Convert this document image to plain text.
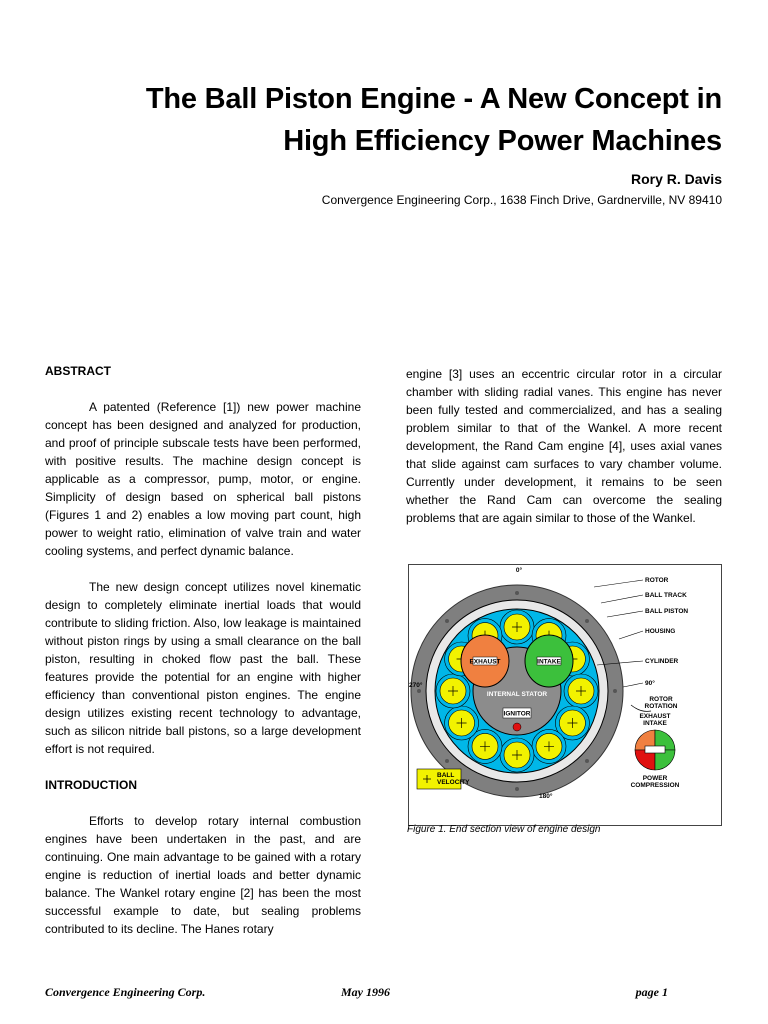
The Ball Piston Engine - A New Concept in
High Efficiency Power Machines
Rory R. Davis
Convergence Engineering Corp., 1638 Finch Drive, Gardnerville, NV 89410

ABSTRACT

A patented (Reference [1]) new power machine concept has been designed and analyzed for production, and proof of principle subscale tests have been performed, with positive results. The machine design concept is applicable as a compressor, pump, motor, or engine. Simplicity of design based on spherical ball pistons (Figures 1 and 2) enables a low moving part count, high power to weight ratio, elimination of valve train and water cooling systems, and perfect dynamic balance.

The new design concept utilizes novel kinematic design to completely eliminate inertial loads that would contribute to sliding friction. Also, low leakage is maintained without piston rings by using a small clearance on the ball piston, resulting in choked flow past the ball. These features provide the potential for an engine with higher efficiency than conventional piston engines. The engine design utilizes existing recent technology to advantage, such as silicon nitride ball pistons, so a large development effort is not required.

INTRODUCTION

Efforts to develop rotary internal combustion engines have been undertaken in the past, and are continuing. One main advantage to be gained with a rotary engine is reduction of inertial loads and better dynamic balance. The Wankel rotary engine [2] has been the most successful example to date, but sealing problems contributed to its decline. The Hanes rotary

engine [3] uses an eccentric circular rotor in a circular chamber with sliding radial vanes. This engine has never been fully tested and commercialized, and has a sealing problem similar to that of the Wankel. A more recent development, the Rand Cam engine [4], uses axial vanes that slide against cam surfaces to vary chamber volume. Currently under development, it remains to be seen whether the Rand Cam can overcome the sealing problems that are again similar to those of the Wankel.

EXHAUST	INTAKE
INTERNAL STATOR
IGNITOR
0°
180°
270°	90°
ROTOR
BALL TRACK
BALL PISTON
HOUSING
CYLINDER
ROTOR
ROTATION
EXHAUST
INTAKE
POWER
COMPRESSION
BALL
VELOCITY
Figure 1. End section view of engine design
Convergence Engineering Corp.	May 1996	page 1
